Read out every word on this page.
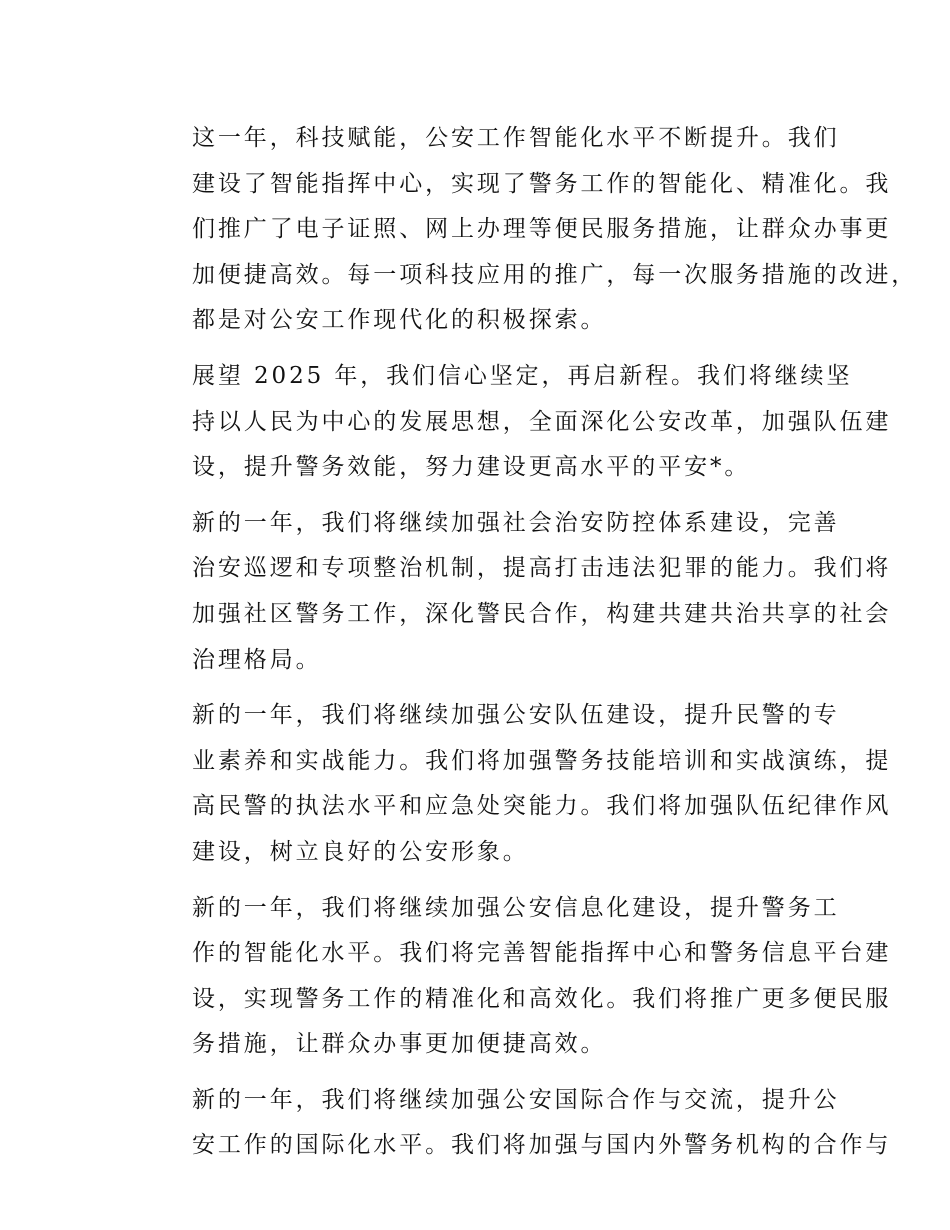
这一年，科技赋能，公安工作智能化水平不断提升。我们
建设了智能指挥中心，实现了警务工作的智能化、精准化。我
们推广了电子证照、网上办理等便民服务措施，让群众办事更
加便捷高效。每一项科技应用的推广，每一次服务措施的改进，
都是对公安工作现代化的积极探索。

展望 2025 年，我们信心坚定，再启新程。我们将继续坚
持以人民为中心的发展思想，全面深化公安改革，加强队伍建
设，提升警务效能，努力建设更高水平的平安*。

新的一年，我们将继续加强社会治安防控体系建设，完善
治安巡逻和专项整治机制，提高打击违法犯罪的能力。我们将
加强社区警务工作，深化警民合作，构建共建共治共享的社会
治理格局。

新的一年，我们将继续加强公安队伍建设，提升民警的专
业素养和实战能力。我们将加强警务技能培训和实战演练，提
高民警的执法水平和应急处突能力。我们将加强队伍纪律作风
建设，树立良好的公安形象。

新的一年，我们将继续加强公安信息化建设，提升警务工
作的智能化水平。我们将完善智能指挥中心和警务信息平台建
设，实现警务工作的精准化和高效化。我们将推广更多便民服
务措施，让群众办事更加便捷高效。

新的一年，我们将继续加强公安国际合作与交流，提升公
安工作的国际化水平。我们将加强与国内外警务机构的合作与
